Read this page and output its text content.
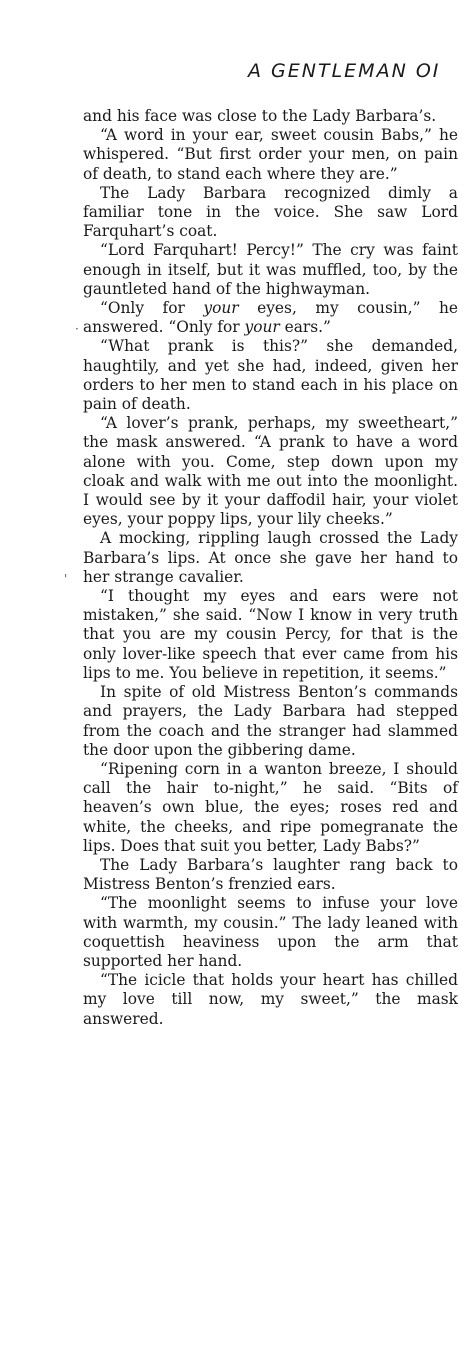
A GENTLEMAN OI
·
'

and his face was close to the Lady Barbara’s.

“A word in your ear, sweet cousin Babs,” he whispered. “But first order your men, on pain of death, to stand each where they are.”

The Lady Barbara recognized dimly a familiar tone in the voice. She saw Lord Farquhart’s coat.

“Lord Farquhart! Percy!” The cry was faint enough in itself, but it was muffled, too, by the gauntleted hand of the highwayman.

“Only for your eyes, my cousin,” he answered. “Only for your ears.”

“What prank is this?” she demanded, haughtily, and yet she had, indeed, given her orders to her men to stand each in his place on pain of death.

“A lover’s prank, perhaps, my sweetheart,” the mask answered. “A prank to have a word alone with you. Come, step down upon my cloak and walk with me out into the moonlight. I would see by it your daffodil hair, your violet eyes, your poppy lips, your lily cheeks.”

A mocking, rippling laugh crossed the Lady Barbara’s lips. At once she gave her hand to her strange cavalier.

“I thought my eyes and ears were not mistaken,” she said. “Now I know in very truth that you are my cousin Percy, for that is the only lover-like speech that ever came from his lips to me. You believe in repetition, it seems.”

In spite of old Mistress Benton’s commands and prayers, the Lady Barbara had stepped from the coach and the stranger had slammed the door upon the gibbering dame.

“Ripening corn in a wanton breeze, I should call the hair to-night,” he said. “Bits of heaven’s own blue, the eyes; roses red and white, the cheeks, and ripe pomegranate the lips. Does that suit you better, Lady Babs?”

The Lady Barbara’s laughter rang back to Mistress Benton’s frenzied ears.

“The moonlight seems to infuse your love with warmth, my cousin.” The lady leaned with coquettish heaviness upon the arm that supported her hand.

“The icicle that holds your heart has chilled my love till now, my sweet,” the mask answered.
